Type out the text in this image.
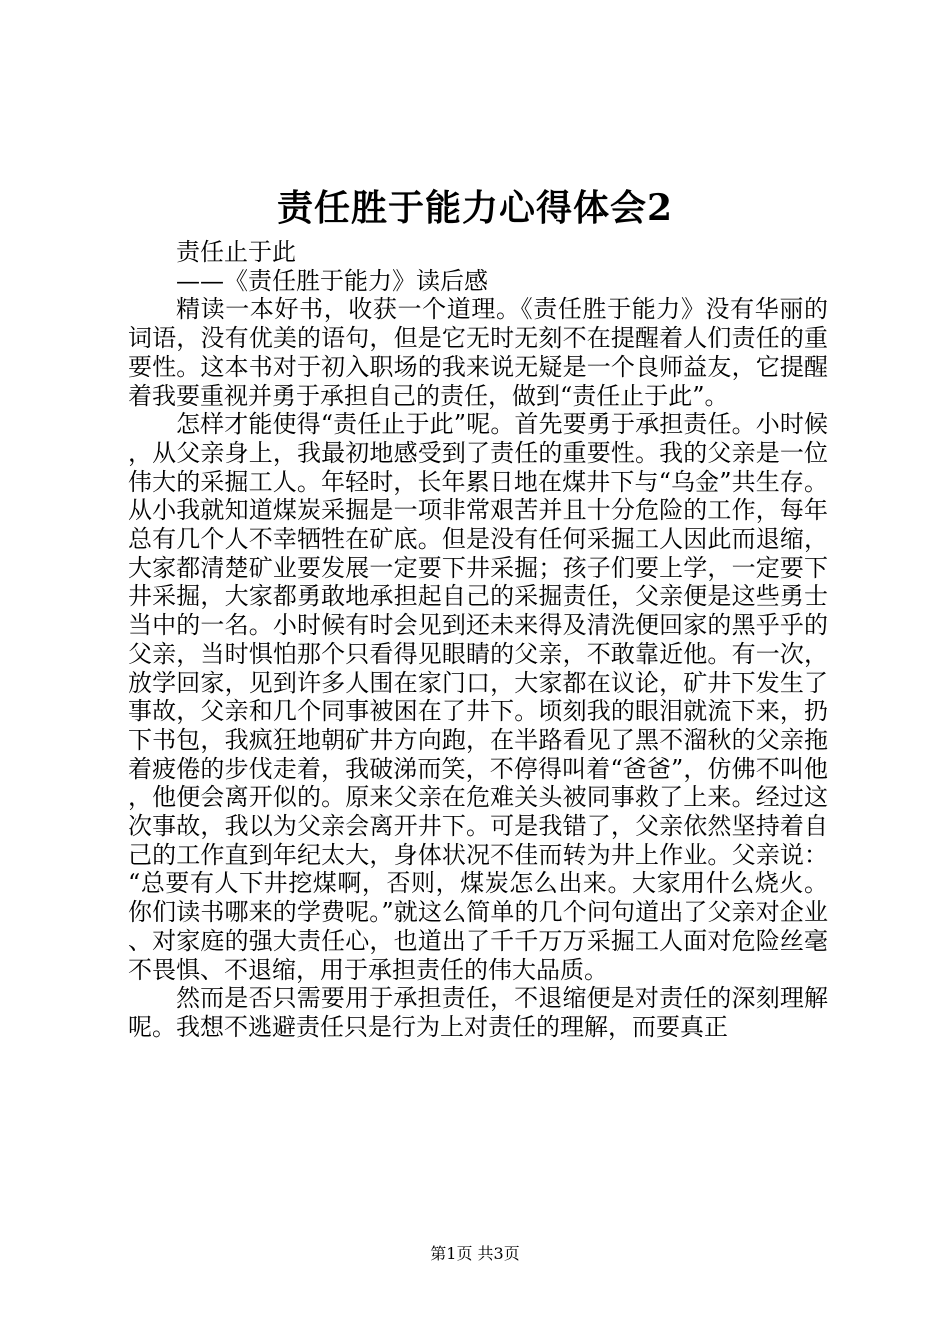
责任胜于能力心得体会2

责任止于此

——《责任胜于能力》读后感

精读一本好书，收获一个道理。《责任胜于能力》没有华丽的词语，没有优美的语句，但是它无时无刻不在提醒着人们责任的重要性。这本书对于初入职场的我来说无疑是一个良师益友，它提醒着我要重视并勇于承担自己的责任，做到“责任止于此”。

怎样才能使得“责任止于此”呢。首先要勇于承担责任。小时候，从父亲身上，我最初地感受到了责任的重要性。我的父亲是一位伟大的采掘工人。年轻时，长年累日地在煤井下与“乌金”共生存。从小我就知道煤炭采掘是一项非常艰苦并且十分危险的工作，每年总有几个人不幸牺牲在矿底。但是没有任何采掘工人因此而退缩，大家都清楚矿业要发展一定要下井采掘；孩子们要上学，一定要下井采掘，大家都勇敢地承担起自己的采掘责任，父亲便是这些勇士当中的一名。小时候有时会见到还未来得及清洗便回家的黑乎乎的父亲，当时惧怕那个只看得见眼睛的父亲，不敢靠近他。有一次，放学回家，见到许多人围在家门口，大家都在议论，矿井下发生了事故，父亲和几个同事被困在了井下。顷刻我的眼泪就流下来，扔下书包，我疯狂地朝矿井方向跑，在半路看见了黑不溜秋的父亲拖着疲倦的步伐走着，我破涕而笑，不停得叫着“爸爸”，仿佛不叫他，他便会离开似的。原来父亲在危难关头被同事救了上来。经过这次事故，我以为父亲会离开井下。可是我错了，父亲依然坚持着自己的工作直到年纪太大，身体状况不佳而转为井上作业。父亲说：“总要有人下井挖煤啊，否则，煤炭怎么出来。大家用什么烧火。你们读书哪来的学费呢。”就这么简单的几个问句道出了父亲对企业、对家庭的强大责任心，也道出了千千万万采掘工人面对危险丝毫不畏惧、不退缩，用于承担责任的伟大品质。

然而是否只需要用于承担责任，不退缩便是对责任的深刻理解呢。我想不逃避责任只是行为上对责任的理解，而要真正

第1页 共3页
